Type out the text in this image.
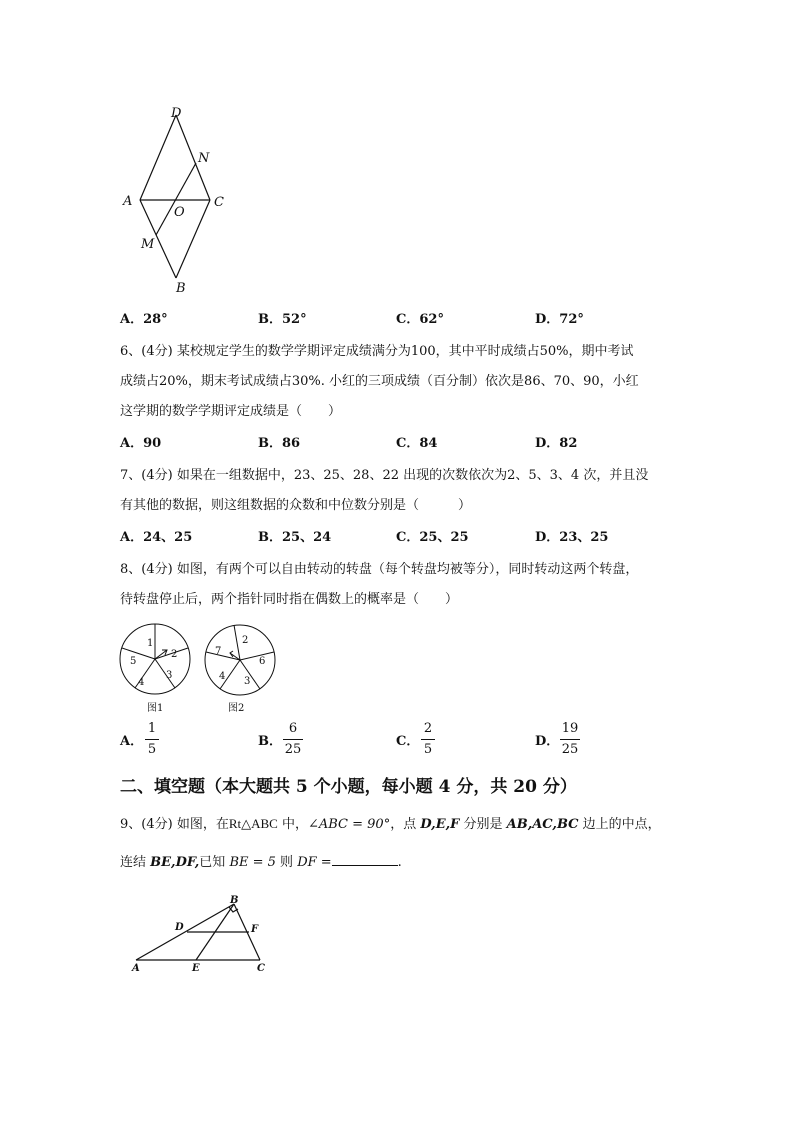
D
N
A
O
C
M
B
A．28°	B．52°	C．62°	D．72°
6、(4分) 某校规定学生的数学学期评定成绩满分为100，其中平时成绩占50%，期中考试
成绩占20%，期末考试成绩占30%. 小红的三项成绩（百分制）依次是86、70、90，小红
这学期的数学学期评定成绩是（　　）
A．90	B．86	C．84	D．82
7、(4分) 如果在一组数据中，23、25、28、22 出现的次数依次为2、5、3、4 次，并且没
有其他的数据，则这组数据的众数和中位数分别是（　　　）
A．24、25	B．25、24	C．25、25	D．23、25
8、(4分) 如图，有两个可以自由转动的转盘（每个转盘均被等分），同时转动这两个转盘，
待转盘停止后，两个指针同时指在偶数上的概率是（　　）
1
2
3
4
5
图1
2
6
3
4
7
图2
A．
1
5
B．
6
25
C．
2
5
D．
19
25
二、填空题（本大题共 5 个小题，每小题 4 分，共 20 分）
9、(4分) 如图，在Rt△ABC 中，∠ABC = 90°，点 D,E,F 分别是 AB,AC,BC 边上的中点，
连结 BE,DF,已知 BE = 5 则 DF =	.
A
B
C
D
E
F
